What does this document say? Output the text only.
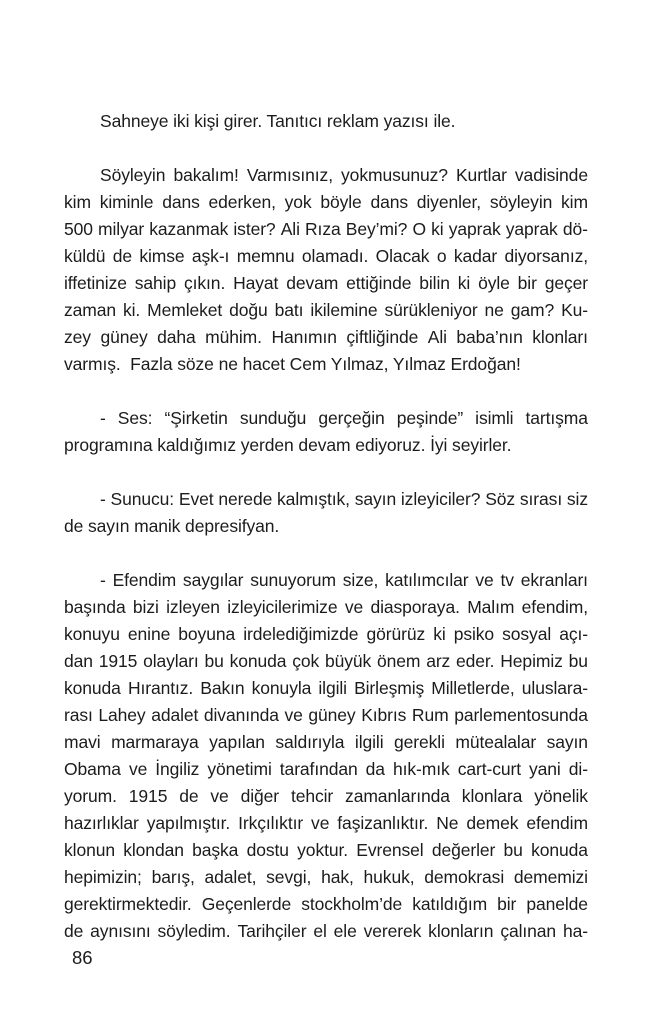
Sahneye iki kişi girer. Tanıtıcı reklam yazısı ile.

Söyleyin bakalım! Varmısınız, yokmusunuz? Kurtlar vadisinde
kim kiminle dans ederken, yok böyle dans diyenler, söyleyin kim
500 milyar kazanmak ister? Ali Rıza Bey’mi? O ki yaprak yaprak dö-
küldü de kimse aşk-ı memnu olamadı. Olacak o kadar diyorsanız,
iffetinize sahip çıkın. Hayat devam ettiğinde bilin ki öyle bir geçer
zaman ki. Memleket doğu batı ikilemine sürükleniyor ne gam? Ku-
zey güney daha mühim. Hanımın çiftliğinde Ali baba’nın klonları
varmış.  Fazla söze ne hacet Cem Yılmaz, Yılmaz Erdoğan!

- Ses: “Şirketin sunduğu gerçeğin peşinde” isimli tartışma
programına kaldığımız yerden devam ediyoruz. İyi seyirler.

- Sunucu: Evet nerede kalmıştık, sayın izleyiciler? Söz sırası siz
de sayın manik depresifyan.

- Efendim saygılar sunuyorum size, katılımcılar ve tv ekranları
başında bizi izleyen izleyicilerimize ve diasporaya. Malım efendim,
konuyu enine boyuna irdelediğimizde görürüz ki psiko sosyal açı-
dan 1915 olayları bu konuda çok büyük önem arz eder. Hepimiz bu
konuda Hırantız. Bakın konuyla ilgili Birleşmiş Milletlerde, uluslara-
rası Lahey adalet divanında ve güney Kıbrıs Rum parlementosunda
mavi marmaraya yapılan saldırıyla ilgili gerekli mütealalar sayın
Obama ve İngiliz yönetimi tarafından da hık-mık cart-curt yani di-
yorum. 1915 de ve diğer tehcir zamanlarında klonlara yönelik
hazırlıklar yapılmıştır. Irkçılıktır ve faşizanlıktır. Ne demek efendim
klonun klondan başka dostu yoktur. Evrensel değerler bu konuda
hepimizin; barış, adalet, sevgi, hak, hukuk, demokrasi dememizi
gerektirmektedir. Geçenlerde stockholm’de katıldığım bir panelde
de aynısını söyledim. Tarihçiler el ele vererek klonların çalınan ha-

86
